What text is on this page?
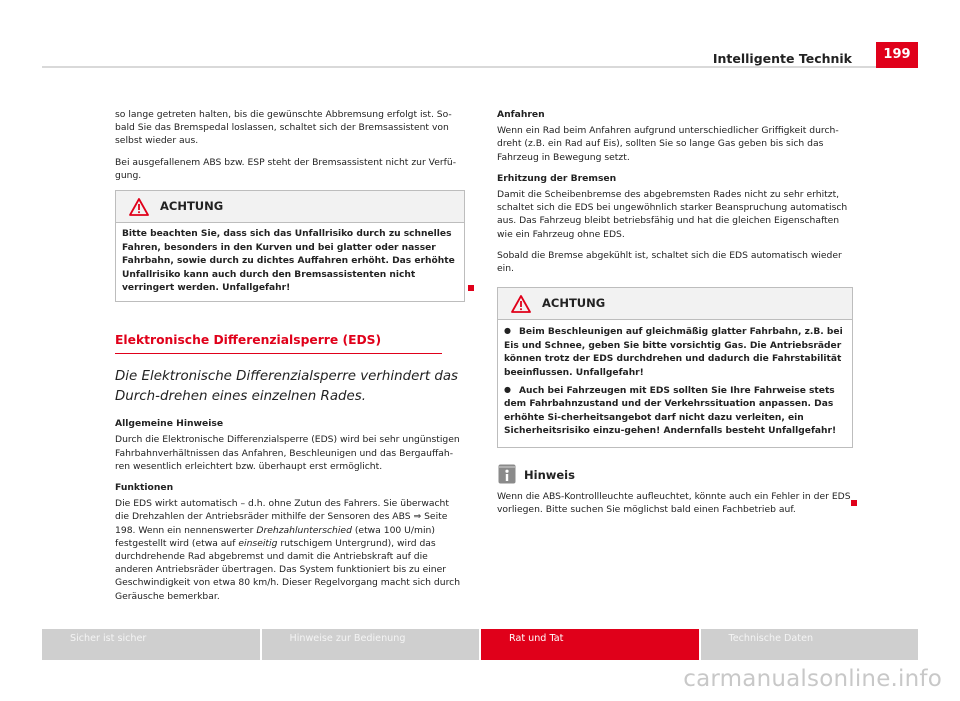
Intelligente Technik	199

so lange getreten halten, bis die gewünschte Abbremsung erfolgt ist. So-bald Sie das Bremspedal loslassen, schaltet sich der Bremsassistent von selbst wieder aus.

Bei ausgefallenem ABS bzw. ESP steht der Bremsassistent nicht zur Verfü-gung.

ACHTUNG
Bitte beachten Sie, dass sich das Unfallrisiko durch zu schnelles Fahren, besonders in den Kurven und bei glatter oder nasser Fahrbahn, sowie durch zu dichtes Auffahren erhöht. Das erhöhte Unfallrisiko kann auch durch den Bremsassistenten nicht verringert werden. Unfallgefahr!
Elektronische Differenzialsperre (EDS)
Die Elektronische Differenzialsperre verhindert das Durch-drehen eines einzelnen Rades.

Allgemeine Hinweise

Durch die Elektronische Differenzialsperre (EDS) wird bei sehr ungünstigen Fahrbahnverhältnissen das Anfahren, Beschleunigen und das Bergauffah-ren wesentlich erleichtert bzw. überhaupt erst ermöglicht.

Funktionen

Die EDS wirkt automatisch – d.h. ohne Zutun des Fahrers. Sie überwacht die Drehzahlen der Antriebsräder mithilfe der Sensoren des ABS ⇒ Seite 198. Wenn ein nennenswerter Drehzahlunterschied (etwa 100 U/min) festgestellt wird (etwa auf einseitig rutschigem Untergrund), wird das durchdrehende Rad abgebremst und damit die Antriebskraft auf die anderen Antriebsräder übertragen. Das System funktioniert bis zu einer Geschwindigkeit von etwa 80 km/h. Dieser Regelvorgang macht sich durch Geräusche bemerkbar.

Anfahren

Wenn ein Rad beim Anfahren aufgrund unterschiedlicher Griffigkeit durch-dreht (z.B. ein Rad auf Eis), sollten Sie so lange Gas geben bis sich das Fahrzeug in Bewegung setzt.

Erhitzung der Bremsen

Damit die Scheibenbremse des abgebremsten Rades nicht zu sehr erhitzt, schaltet sich die EDS bei ungewöhnlich starker Beanspruchung automatisch aus. Das Fahrzeug bleibt betriebsfähig und hat die gleichen Eigenschaften wie ein Fahrzeug ohne EDS.

Sobald die Bremse abgekühlt ist, schaltet sich die EDS automatisch wieder ein.

ACHTUNG

● Beim Beschleunigen auf gleichmäßig glatter Fahrbahn, z.B. bei Eis und Schnee, geben Sie bitte vorsichtig Gas. Die Antriebsräder können trotz der EDS durchdrehen und dadurch die Fahrstabilität beeinflussen. Unfallgefahr!

● Auch bei Fahrzeugen mit EDS sollten Sie Ihre Fahrweise stets dem Fahrbahnzustand und der Verkehrssituation anpassen. Das erhöhte Si-cherheitsangebot darf nicht dazu verleiten, ein Sicherheitsrisiko einzu-gehen! Andernfalls besteht Unfallgefahr!

Hinweis

Wenn die ABS-Kontrollleuchte aufleuchtet, könnte auch ein Fehler in der EDS vorliegen. Bitte suchen Sie möglichst bald einen Fachbetrieb auf.

Sicher ist sicher	Hinweise zur Bedienung	Rat und Tat	Technische Daten
carmanualsonline.info
